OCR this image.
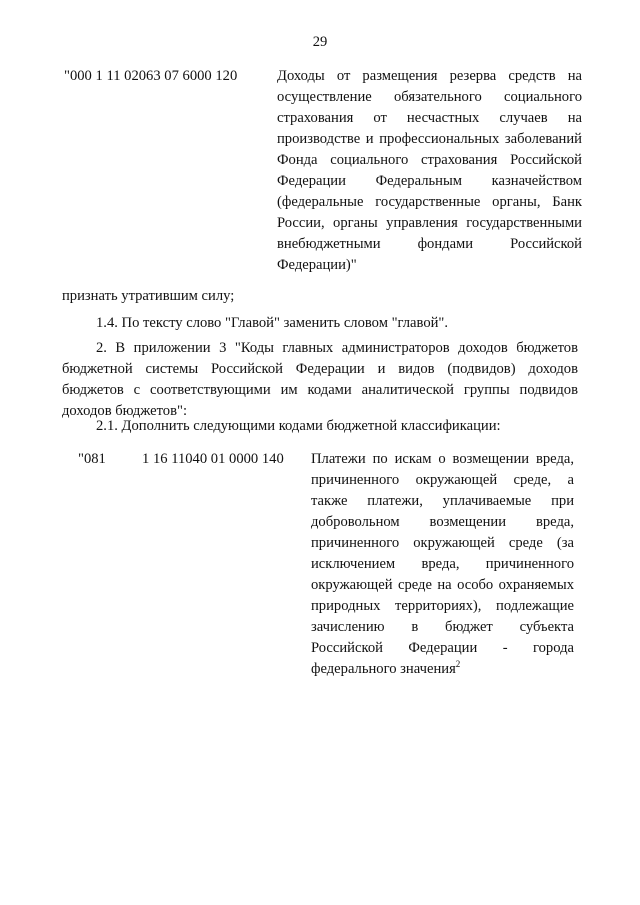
29
"000 1 11 02063 07 6000 120	Доходы от размещения резерва средств на осуществление обязательного социального страхования от несчастных случаев на производстве и профессиональных заболеваний Фонда социального страхования Российской Федерации Федеральным казначейством (федеральные государственные органы, Банк России, органы управления государственными внебюджетными фондами Российской Федерации)"
признать утратившим силу;
1.4. По тексту слово "Главой" заменить словом "главой".
2. В приложении 3 "Коды главных администраторов доходов бюджетов бюджетной системы Российской Федерации и видов (подвидов) доходов бюджетов с соответствующими им кодами аналитической группы подвидов доходов бюджетов":
2.1. Дополнить следующими кодами бюджетной классификации:
"081 1 16 11040 01 0000 140 Платежи по искам о возмещении вреда, причиненного окружающей среде, а также платежи, уплачиваемые при добровольном возмещении вреда, причиненного окружающей среде (за исключением вреда, причиненного окружающей среде на особо охраняемых природных территориях), подлежащие зачислению в бюджет субъекта Российской Федерации - города федерального значения$^2$
